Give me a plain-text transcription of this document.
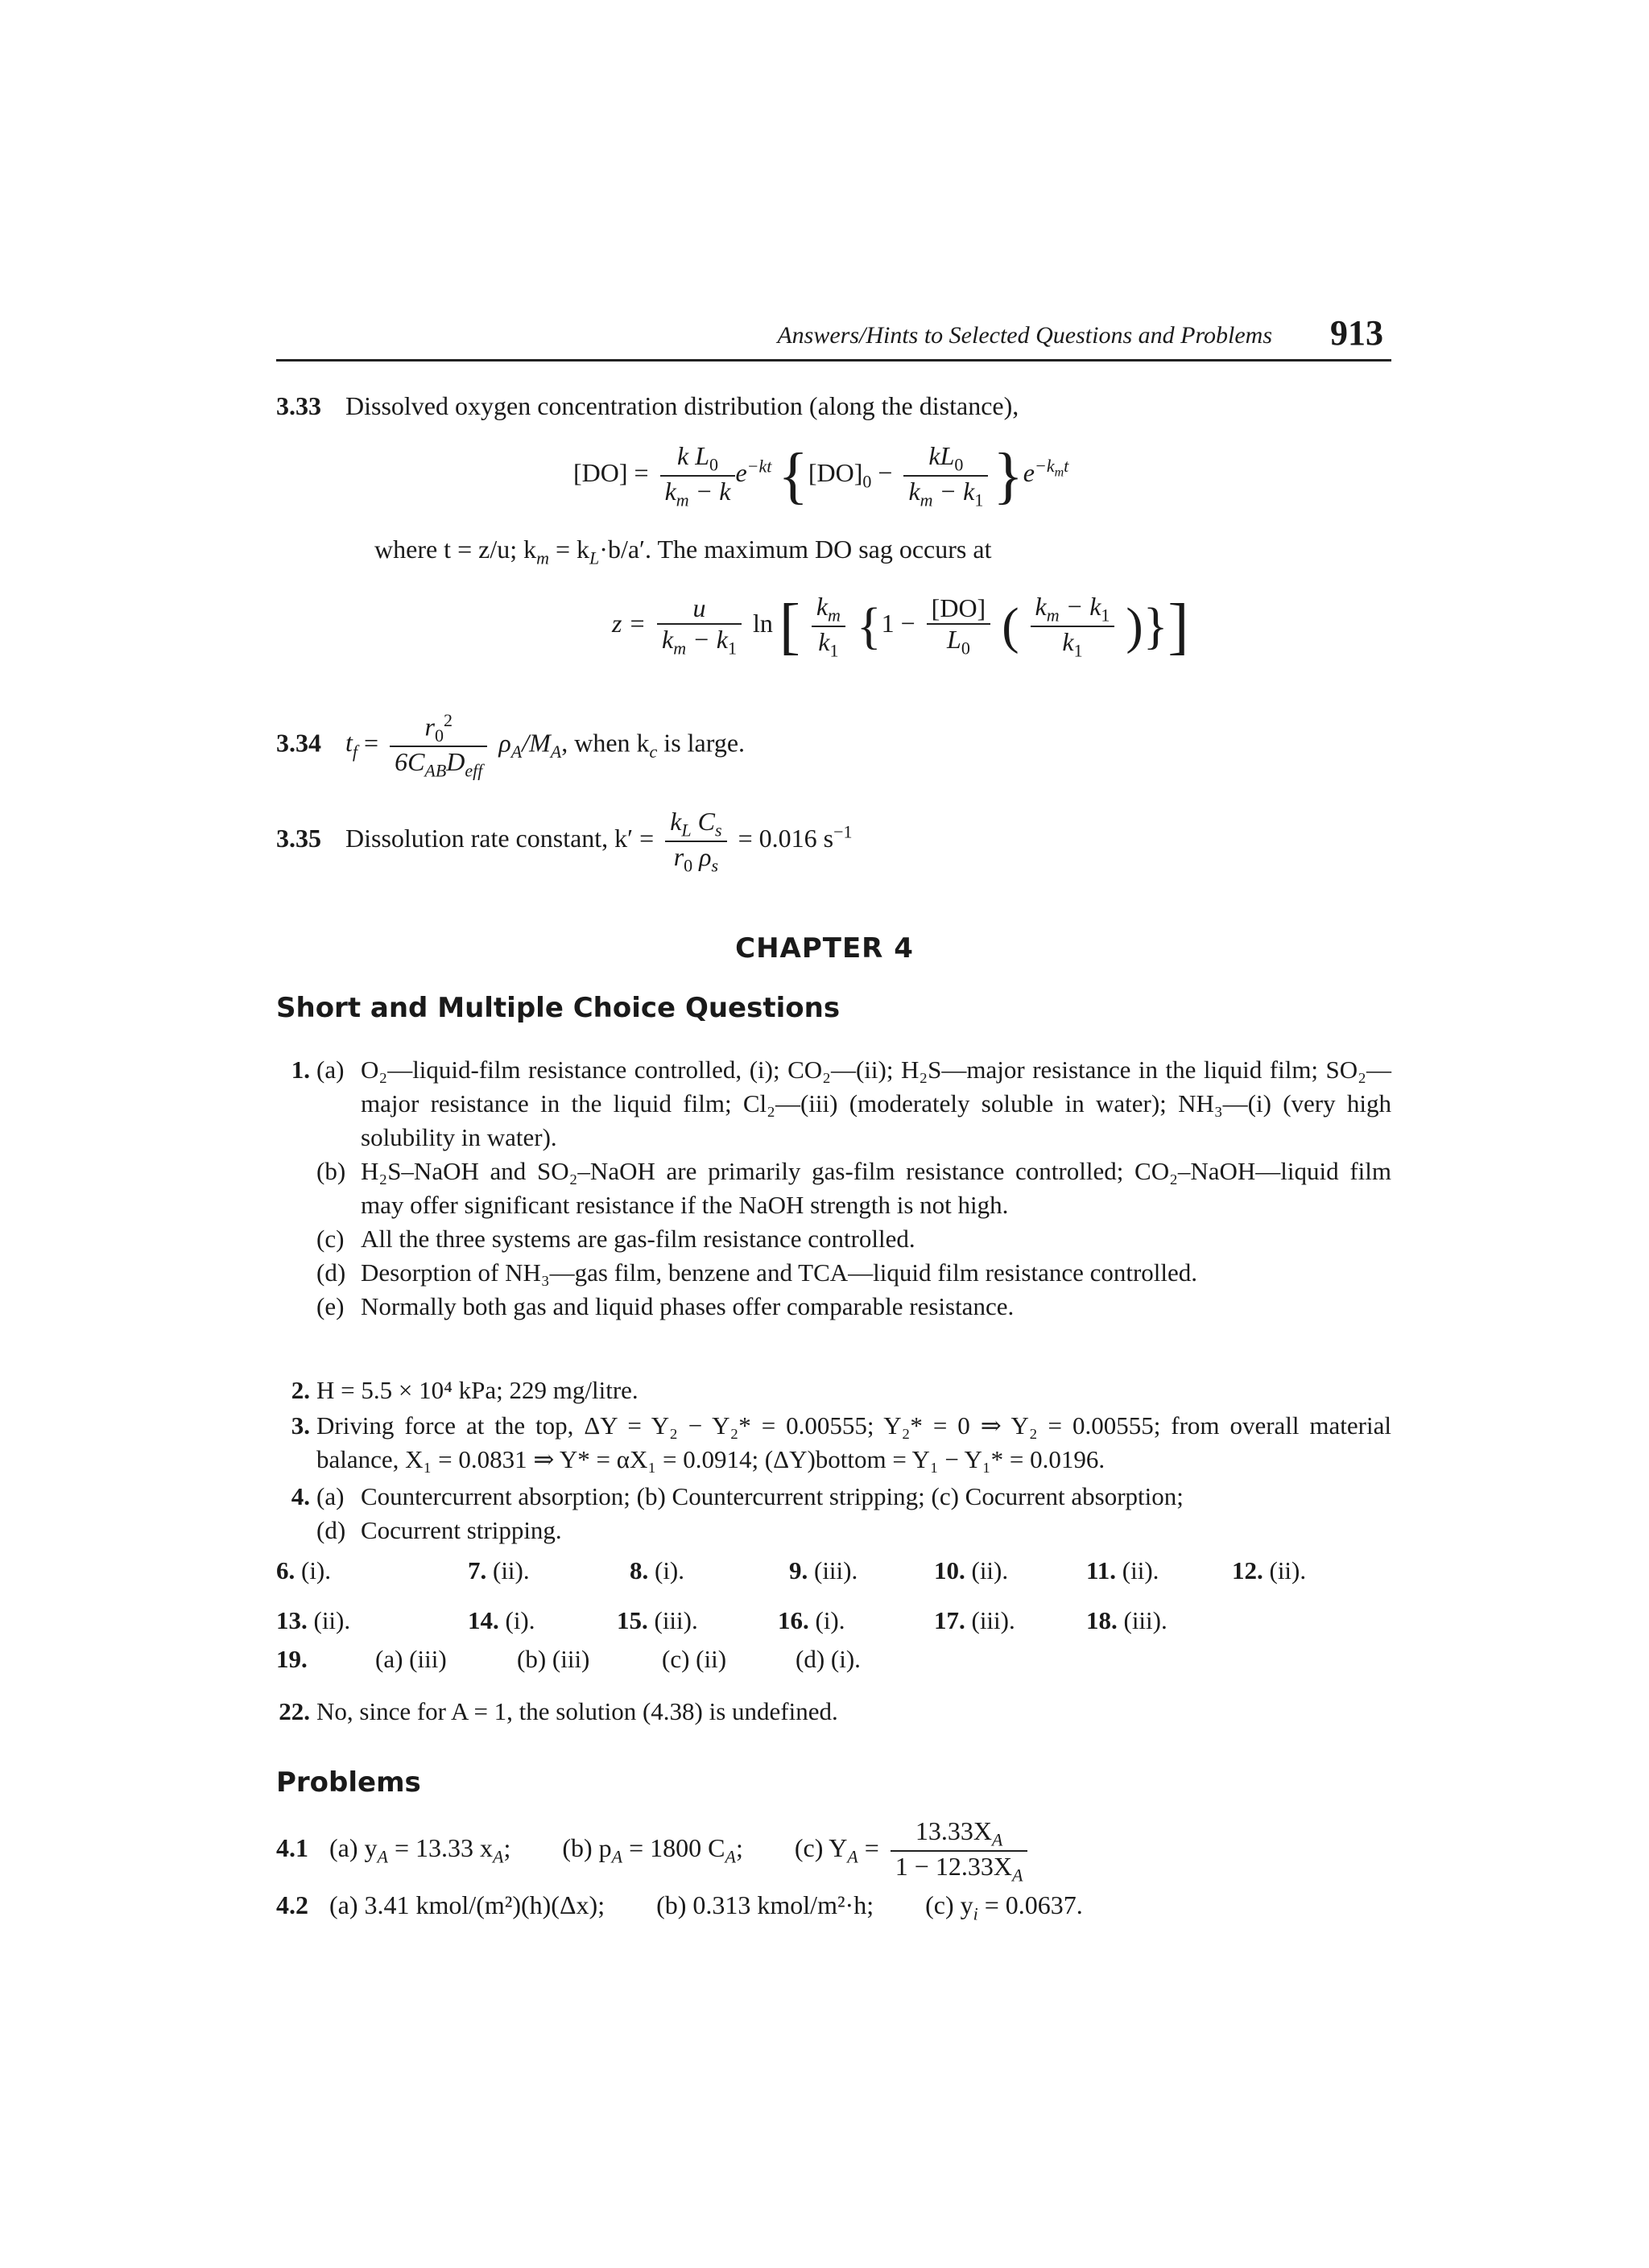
Answers/Hints to Selected Questions and Problems 913
3.33 Dissolved oxygen concentration distribution (along the distance),
$[DO] = \frac{k L_0}{k_m - k} e^{-kt}$ $\{[DO]_0 - \frac{kL_0}{k_m - k_1} \}e^{-k_mt}$
where t = z/u; $k_m = k_L\cdot b/a'$. The maximum DO sag occurs at
$z = \frac{u}{k_m - k_1}$ ln [ $\frac{k_m}{k_1} \{1 - \frac{[DO]}{L_0}$ ( $\frac{k_m - k_1}{k_1}$ )}]
3.34 $t_f = \frac{r_0^2}{6C_{AB}D_{eff}} \rho_A/M_A$, when $k_c$ is large.
3.35 Dissolution rate constant, $k' = \frac{k_L C_s}{r_0 \rho_s} = 0.016$ $s^{-1}$
CHAPTER 4
Short and Multiple Choice Questions
1. (a) O₂—liquid-film resistance controlled, (i); CO₂—(ii); H₂S—major resistance in the liquid film; SO₂—major resistance in the liquid film; Cl₂—(iii) (moderately soluble in water); NH₃—(i) (very high solubility in water).
(b) H₂S–NaOH and SO₂–NaOH are primarily gas-film resistance controlled; CO₂–NaOH—liquid film may offer significant resistance if the NaOH strength is not high.
(c) All the three systems are gas-film resistance controlled.
(d) Desorption of NH₃—gas film, benzene and TCA—liquid film resistance controlled.
(e) Normally both gas and liquid phases offer comparable resistance.
2. H = 5.5 × 10⁴ kPa; 229 mg/litre.
3. Driving force at the top, ΔY = Y₂ − Y₂* = 0.00555; Y₂* = 0 ⇒ Y₂ = 0.00555; from overall material balance, X₁ = 0.0831 ⇒ Y* = αX₁ = 0.0914; (ΔY)bottom = Y₁ − Y₁* = 0.0196.
4. (a) Countercurrent absorption; (b) Countercurrent stripping; (c) Cocurrent absorption;
(d) Cocurrent stripping.
6. (i).	7. (ii).	8. (i).	9. (iii).	10. (ii).	11. (ii).	12. (ii).
13. (ii).	14. (i).	15. (iii).	16. (i).	17. (iii).	18. (iii).
19.	(a) (iii)	(b) (iii)	(c) (ii)	(d) (i).
22. No, since for A = 1, the solution (4.38) is undefined.
Problems
4.1 (a) $y_A = 13.33$ $x_A$; (b) $p_A = 1800$ $C_A$; (c) $Y_A = \frac{13.33X_A}{1 - 12.33X_A}$
4.2 (a) 3.41 kmol/(m²)(h)(Δx); (b) 0.313 kmol/m²·h; (c) $y_i = 0.0637$.
